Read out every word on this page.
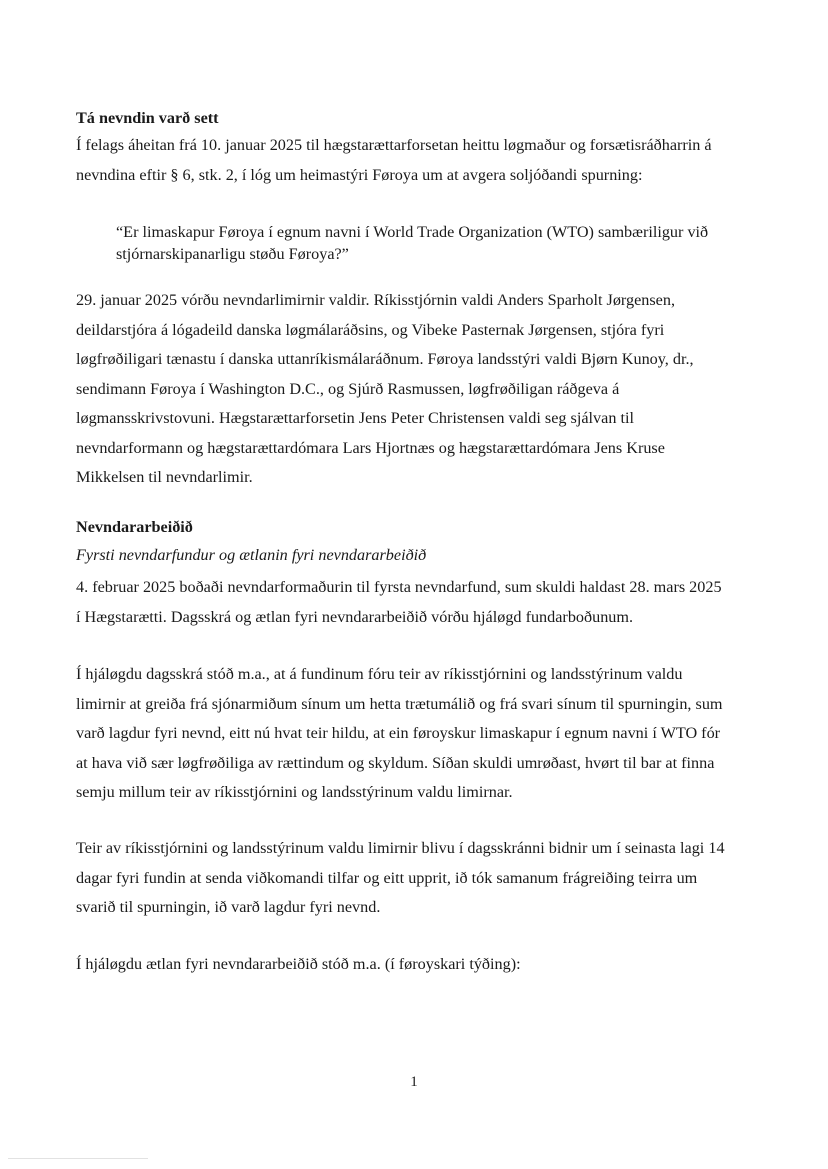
Tá nevndin varð sett

Í felags áheitan frá 10. januar 2025 til hægstarættarforsetan heittu løgmaður og forsætisráðharrin á
nevndina eftir § 6, stk. 2, í lóg um heimastýri Føroya um at avgera soljóðandi spurning:

“Er limaskapur Føroya í egnum navni í World Trade Organization (WTO) sambæriligur við
stjórnarskipanarligu støðu Føroya?”

29. januar 2025 vórðu nevndarlimirnir valdir. Ríkisstjórnin valdi Anders Sparholt Jørgensen,
deildarstjóra á lógadeild danska løgmálaráðsins, og Vibeke Pasternak Jørgensen, stjóra fyri
løgfrøðiligari tænastu í danska uttanríkismálaráðnum. Føroya landsstýri valdi Bjørn Kunoy, dr.,
sendimann Føroya í Washington D.C., og Sjúrð Rasmussen, løgfrøðiligan ráðgeva á
løgmansskrivstovuni. Hægstarættarforsetin Jens Peter Christensen valdi seg sjálvan til
nevndarformann og hægstarættardómara Lars Hjortnæs og hægstarættardómara Jens Kruse
Mikkelsen til nevndarlimir.

Nevndararbeiðið

Fyrsti nevndarfundur og ætlanin fyri nevndararbeiðið

4. februar 2025 boðaði nevndarformaðurin til fyrsta nevndarfund, sum skuldi haldast 28. mars 2025
í Hægstarætti. Dagsskrá og ætlan fyri nevndararbeiðið vórðu hjáløgd fundarboðunum.

Í hjáløgdu dagsskrá stóð m.a., at á fundinum fóru teir av ríkisstjórnini og landsstýrinum valdu
limirnir at greiða frá sjónarmiðum sínum um hetta trætumálið og frá svari sínum til spurningin, sum
varð lagdur fyri nevnd, eitt nú hvat teir hildu, at ein føroyskur limaskapur í egnum navni í WTO fór
at hava við sær løgfrøðiliga av rættindum og skyldum. Síðan skuldi umrøðast, hvørt til bar at finna
semju millum teir av ríkisstjórnini og landsstýrinum valdu limirnar.

Teir av ríkisstjórnini og landsstýrinum valdu limirnir blivu í dagsskránni bidnir um í seinasta lagi 14
dagar fyri fundin at senda viðkomandi tilfar og eitt upprit, ið tók samanum frágreiðing teirra um
svarið til spurningin, ið varð lagdur fyri nevnd.

Í hjáløgdu ætlan fyri nevndararbeiðið stóð m.a. (í føroyskari týðing):

1
